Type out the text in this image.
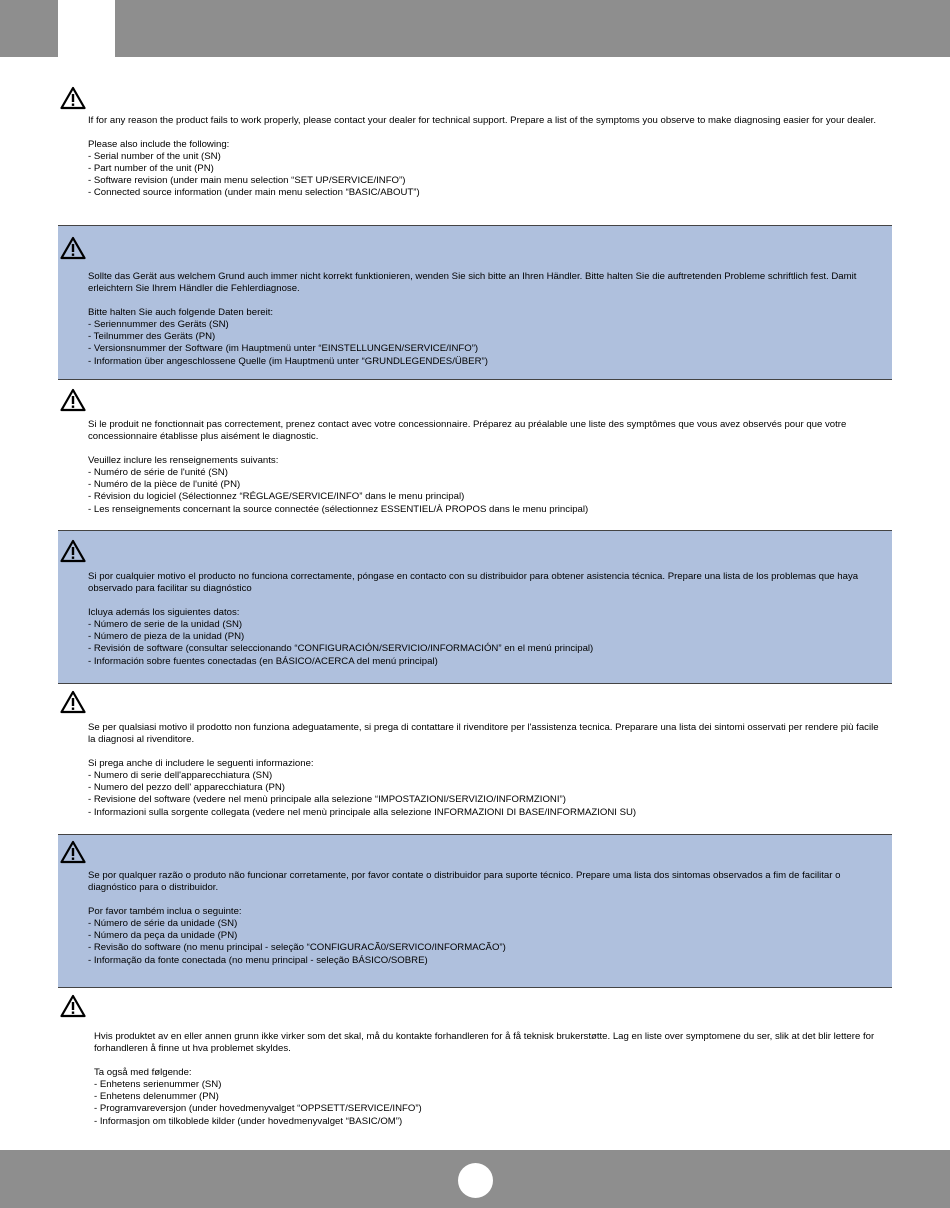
If for any reason the product fails to work properly, please contact your dealer for technical support. Prepare a list of the symptoms you observe to make diagnosing easier for your dealer.

Please also include the following:

- Serial number of the unit (SN)
- Part number of the unit (PN)
- Software revision (under main menu selection “SET UP/SERVICE/INFO”)
- Connected source information (under main menu selection “BASIC/ABOUT”)

Sollte das Gerät aus welchem Grund auch immer nicht korrekt funktionieren, wenden Sie sich bitte an Ihren Händler. Bitte halten Sie die auftretenden Probleme schriftlich fest. Damit erleichtern Sie Ihrem Händler die Fehlerdiagnose.

Bitte halten Sie auch folgende Daten bereit:

- Seriennummer des Geräts (SN)
- Teilnummer des Geräts (PN)
- Versionsnummer der Software (im Hauptmenü unter “EINSTELLUNGEN/SERVICE/INFO”)
- Information über angeschlossene Quelle (im Hauptmenü unter “GRUNDLEGENDES/ÜBER”)

Si le produit ne fonctionnait pas correctement, prenez contact avec votre concessionnaire. Préparez au préalable une liste des symptômes que vous avez observés pour que votre concessionnaire établisse plus aisément le diagnostic.

Veuillez inclure les renseignements suivants:

- Numéro de série de l'unité (SN)
- Numéro de la pièce de l'unité (PN)
- Révision du logiciel (Sélectionnez “RÉGLAGE/SERVICE/INFO” dans le menu principal)
- Les renseignements concernant la source connectée (sélectionnez ESSENTIEL/À PROPOS dans le menu principal)

Si por cualquier motivo el producto no funciona correctamente, póngase en contacto con su distribuidor para obtener asistencia técnica. Prepare una lista de los problemas que haya observado para facilitar su diagnóstico

Icluya además los siguientes datos:

- Número de serie de la unidad (SN)
- Número de pieza de la unidad (PN)
- Revisión de software (consultar seleccionando “CONFIGURACIÓN/SERVICIO/INFORMACIÓN” en el menú principal)
- Información sobre fuentes conectadas (en BÁSICO/ACERCA del menú principal)

Se per qualsiasi motivo il prodotto non funziona adeguatamente, si prega di contattare il rivenditore per l'assistenza tecnica. Preparare una lista dei sintomi osservati per rendere più facile la diagnosi al rivenditore.

Si prega anche di includere le seguenti informazione:

- Numero di serie dell'apparecchiatura (SN)
- Numero del pezzo dell' apparecchiatura (PN)
- Revisione del software (vedere nel menù principale alla selezione “IMPOSTAZIONI/SERVIZIO/INFORMZIONI”)
- Informazioni sulla sorgente collegata (vedere nel menù principale alla selezione INFORMAZIONI DI BASE/INFORMAZIONI SU)

Se por qualquer razão o produto não funcionar corretamente, por favor contate o distribuidor para suporte técnico. Prepare uma lista dos sintomas observados a fim de facilitar o diagnóstico para o distribuidor.

Por favor também inclua o seguinte:

- Número de série da unidade (SN)
- Número da peça da unidade (PN)
- Revisão do software (no menu principal - seleção “CONFIGURACÃ0/SERVICO/INFORMACÃO”)
- Informação da fonte conectada (no menu principal - seleção BÁSICO/SOBRE)

Hvis produktet av en eller annen grunn ikke virker som det skal, må du kontakte forhandleren for å få teknisk brukerstøtte. Lag en liste over symptomene du ser, slik at det blir lettere for forhandleren å finne ut hva problemet skyldes.

Ta også med følgende:

- Enhetens serienummer (SN)
- Enhetens delenummer (PN)
- Programvareversjon (under hovedmenyvalget “OPPSETT/SERVICE/INFO”)
- Informasjon om tilkoblede kilder (under hovedmenyvalget “BASIC/OM”)
